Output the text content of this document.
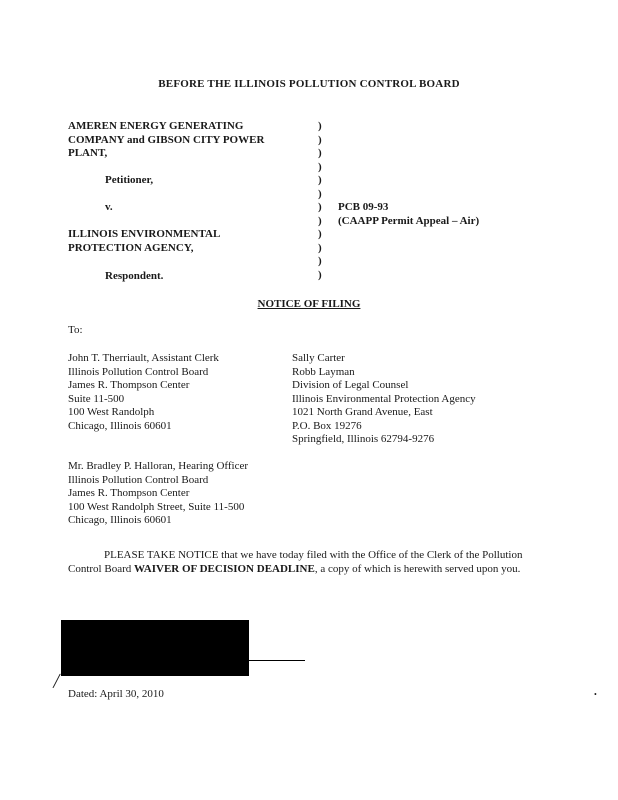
BEFORE THE ILLINOIS POLLUTION CONTROL BOARD
AMEREN ENERGY GENERATING
COMPANY and GIBSON CITY POWER
PLANT,
Petitioner,
v.
ILLINOIS ENVIRONMENTAL
PROTECTION AGENCY,
Respondent.
)
)
)
)
)
)
)
)
)
)
)
)
PCB 09-93
(CAAPP Permit Appeal – Air)
NOTICE OF FILING
To:
John T. Therriault, Assistant Clerk
Illinois Pollution Control Board
James R. Thompson Center
Suite 11-500
100 West Randolph
Chicago, Illinois 60601
Sally Carter
Robb Layman
Division of Legal Counsel
Illinois Environmental Protection Agency
1021 North Grand Avenue, East
P.O. Box 19276
Springfield, Illinois 62794-9276
Mr. Bradley P. Halloran, Hearing Officer
Illinois Pollution Control Board
James R. Thompson Center
100 West Randolph Street, Suite 11-500
Chicago, Illinois 60601
PLEASE TAKE NOTICE that we have today filed with the Office of the Clerk of the Pollution Control Board WAIVER OF DECISION DEADLINE, a copy of which is herewith served upon you.
╱
Dated: April 30, 2010	•
